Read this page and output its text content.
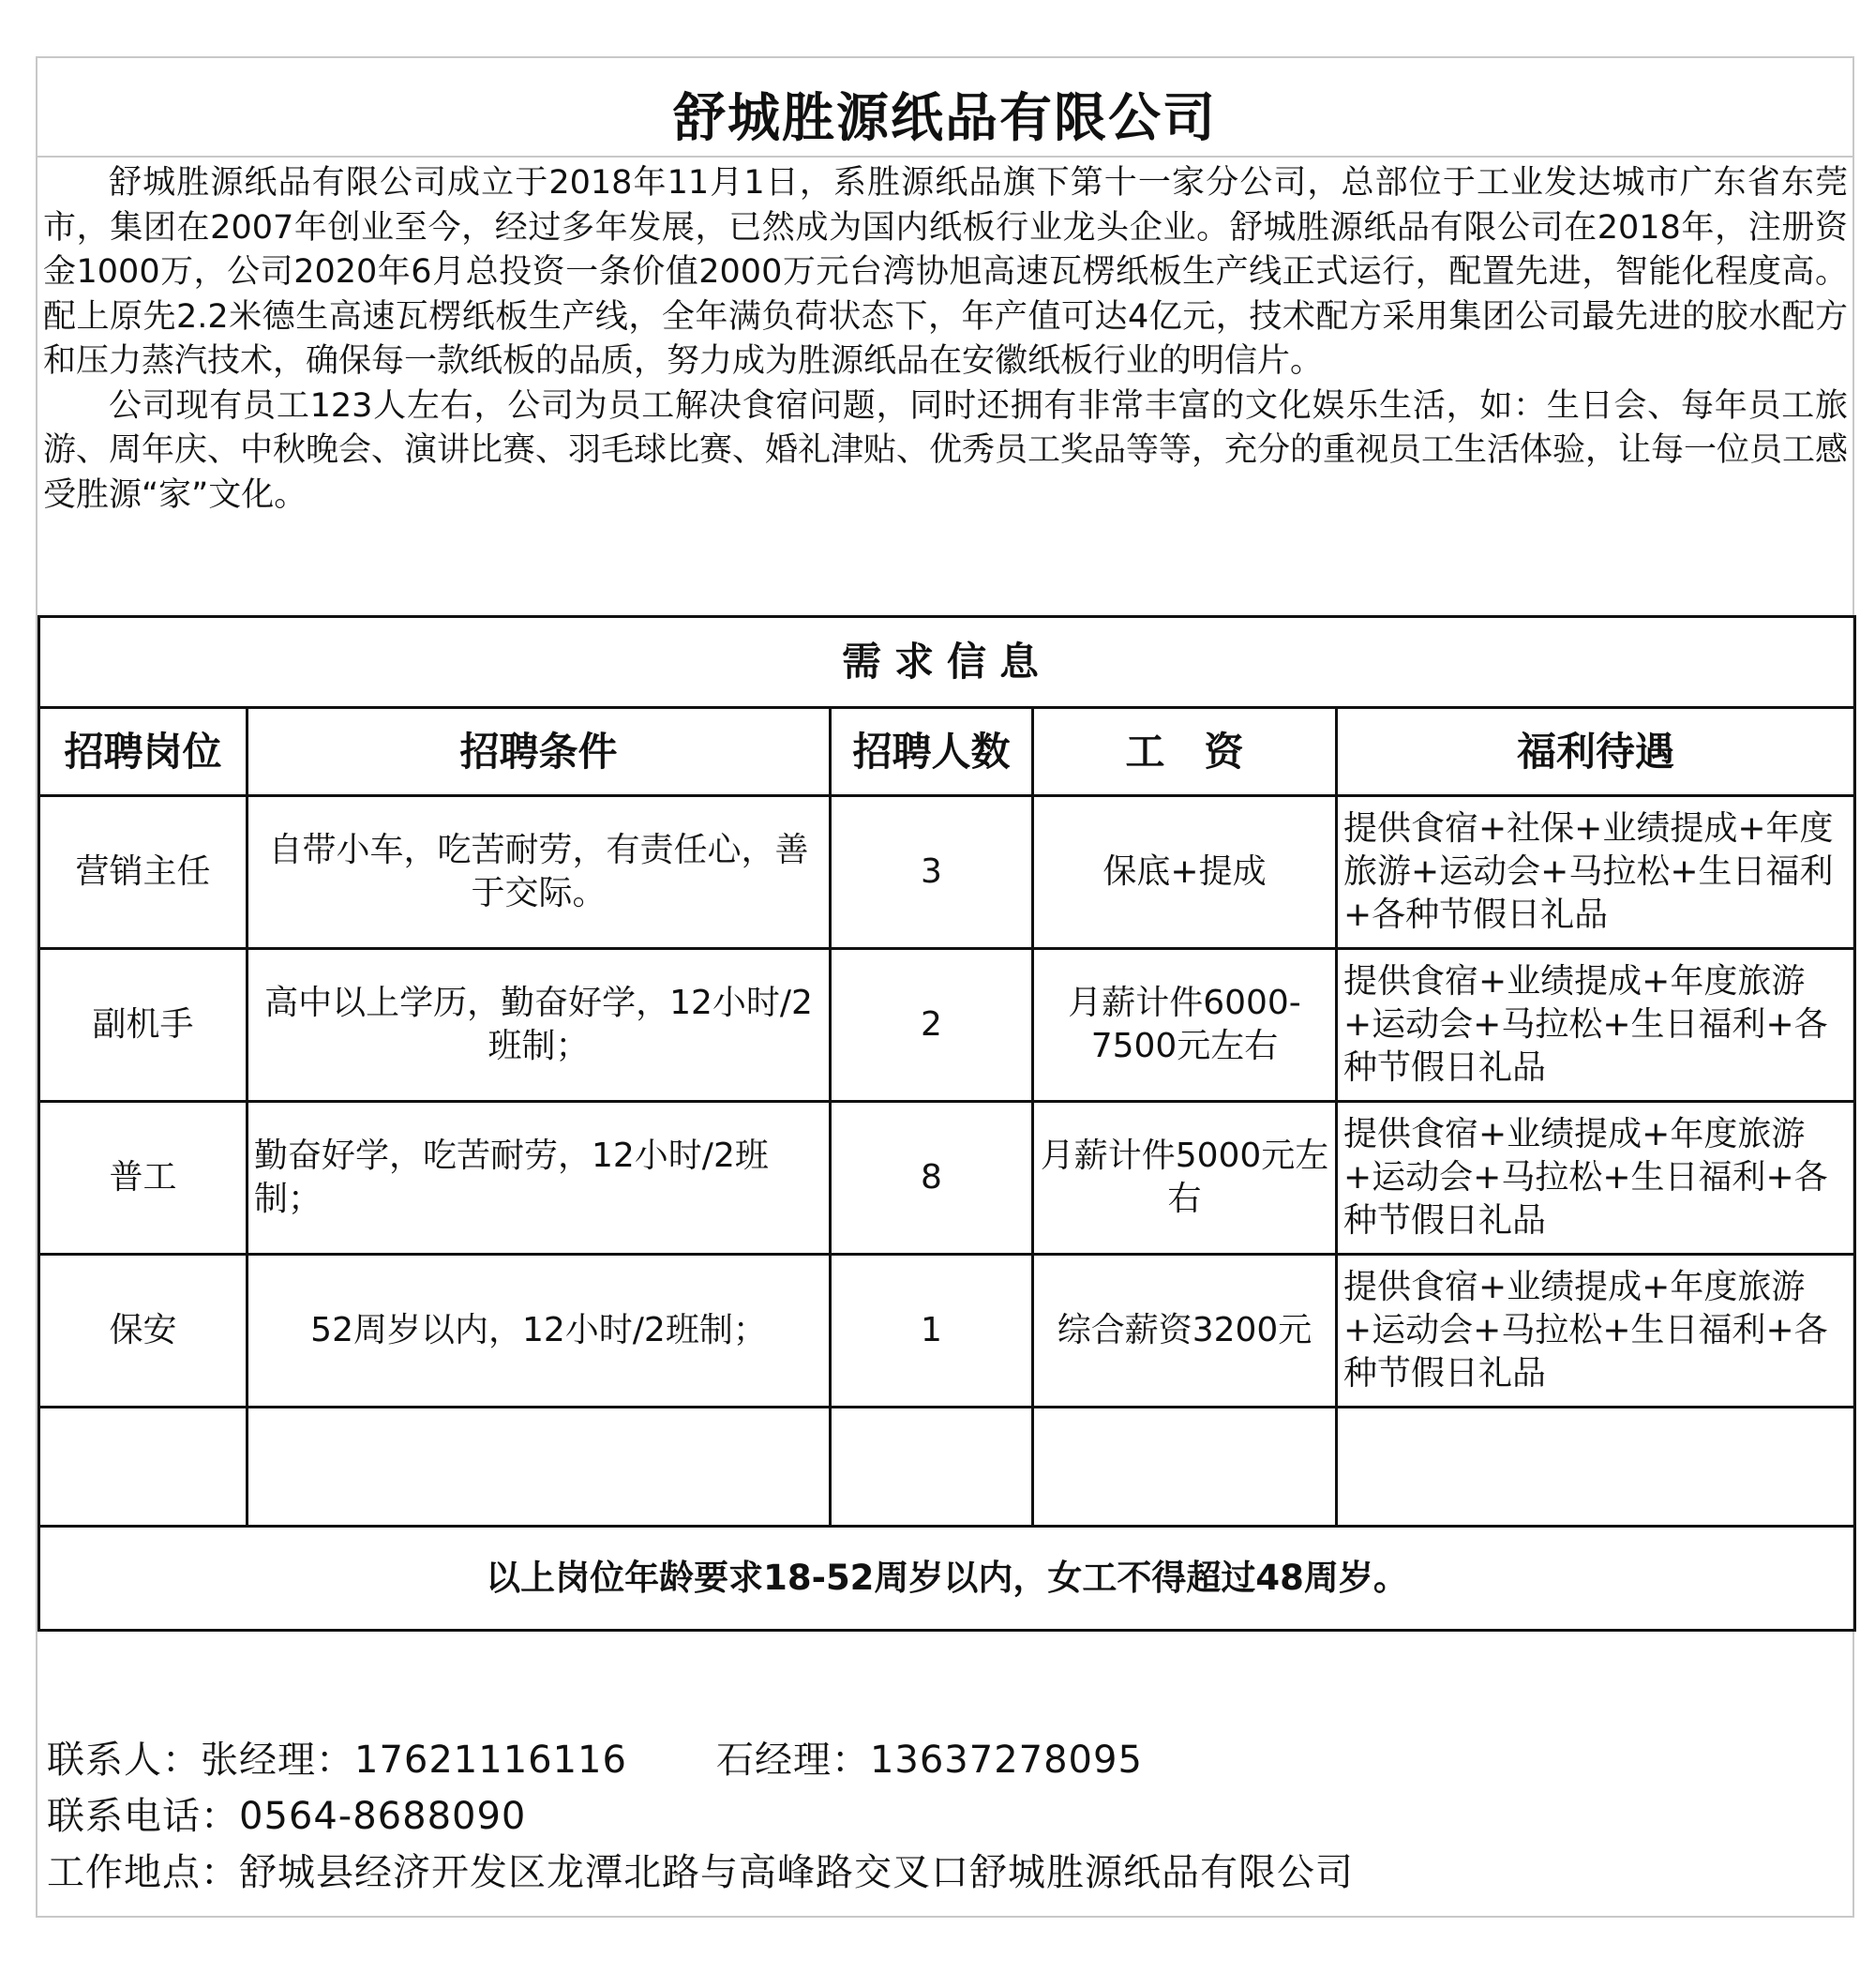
舒城胜源纸品有限公司

舒城胜源纸品有限公司成立于2018年11月1日，系胜源纸品旗下第十一家分公司，总部位于工业发达城市广东省东莞市，集团在2007年创业至今，经过多年发展，已然成为国内纸板行业龙头企业。舒城胜源纸品有限公司在2018年，注册资金1000万，公司2020年6月总投资一条价值2000万元台湾协旭高速瓦楞纸板生产线正式运行，配置先进，智能化程度高。配上原先2.2米德生高速瓦楞纸板生产线，全年满负荷状态下，年产值可达4亿元，技术配方采用集团公司最先进的胶水配方和压力蒸汽技术，确保每一款纸板的品质，努力成为胜源纸品在安徽纸板行业的明信片。

公司现有员工123人左右，公司为员工解决食宿问题，同时还拥有非常丰富的文化娱乐生活，如：生日会、每年员工旅游、周年庆、中秋晚会、演讲比赛、羽毛球比赛、婚礼津贴、优秀员工奖品等等，充分的重视员工生活体验，让每一位员工感受胜源“家”文化。

需求信息				
招聘岗位	招聘条件	招聘人数	工　资	福利待遇
营销主任	自带小车，吃苦耐劳，有责任心，善于交际。	3	保底+提成	提供食宿+社保+业绩提成+年度旅游+运动会+马拉松+生日福利+各种节假日礼品
副机手	高中以上学历，勤奋好学，12小时/2班制；	2	月薪计件6000-7500元左右	提供食宿+业绩提成+年度旅游+运动会+马拉松+生日福利+各种节假日礼品
普工	勤奋好学，吃苦耐劳，12小时/2班制；	8	月薪计件5000元左右	提供食宿+业绩提成+年度旅游+运动会+马拉松+生日福利+各种节假日礼品
保安	52周岁以内，12小时/2班制；	1	综合薪资3200元	提供食宿+业绩提成+年度旅游+运动会+马拉松+生日福利+各种节假日礼品

以上岗位年龄要求18-52周岁以内，女工不得超过48周岁。				
联系人：张经理：17621116116 石经理：13637278095
联系电话：0564-8688090
工作地点：舒城县经济开发区龙潭北路与高峰路交叉口舒城胜源纸品有限公司
